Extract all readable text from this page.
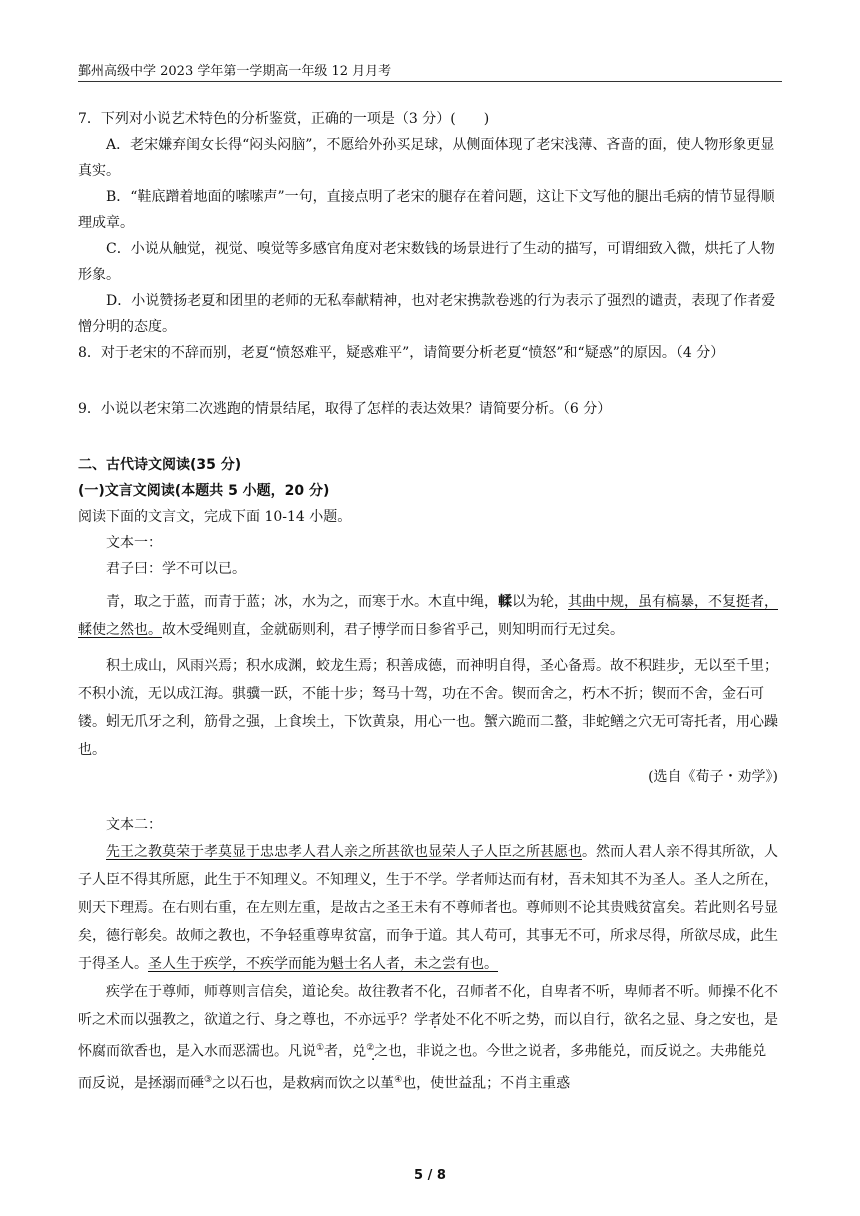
鄞州高级中学 2023 学年第一学期高一年级 12 月月考

7．下列对小说艺术特色的分析鉴赏，正确的一项是（3 分）(　　)

A．老宋嫌弃闺女长得“闷头闷脑”，不愿给外孙买足球，从侧面体现了老宋浅薄、吝啬的面，使人物形象更显真实。

B．“鞋底蹭着地面的嗦嗦声”一句，直接点明了老宋的腿存在着问题，这让下文写他的腿出毛病的情节显得顺理成章。

C．小说从触觉，视觉、嗅觉等多感官角度对老宋数钱的场景进行了生动的描写，可谓细致入微，烘托了人物形象。

D．小说赞扬老夏和团里的老师的无私奉献精神，也对老宋携款卷逃的行为表示了强烈的谴责，表现了作者爱憎分明的态度。

8．对于老宋的不辞而别，老夏“愤怒难平，疑惑难平”，请简要分析老夏“愤怒”和“疑惑”的原因。（4 分）

9．小说以老宋第二次逃跑的情景结尾，取得了怎样的表达效果？请简要分析。（6 分）

二、古代诗文阅读(35 分)

(一)文言文阅读(本题共 5 小题，20 分)

阅读下面的文言文，完成下面 10-14 小题。

文本一：

君子曰：学不可以已。

青，取之于蓝，而青于蓝；冰，水为之，而寒于水。木直中绳，輮以为轮，其曲中规，虽有槁暴，不复挺者，輮使之然也。故木受绳则直，金就砺则利，君子博学而日参省乎己，则知明而行无过矣。

积土成山，风雨兴焉；积水成渊，蛟龙生焉；积善成德，而神明自得，圣心备焉。故不积跬步，无以至千里；不积小流，无以成江海。骐骥一跃，不能十步；驽马十驾，功在不舍。锲而舍之，朽木不折；锲而不舍，金石可镂。蚓无爪牙之利，筋骨之强，上食埃土，下饮黄泉，用心一也。蟹六跪而二螯，非蛇鳝之穴无可寄托者，用心躁也。

(选自《荀子・劝学》)

文本二：

先王之教莫荣于孝莫显于忠忠孝人君人亲之所甚欲也显荣人子人臣之所甚愿也。然而人君人亲不得其所欲，人子人臣不得其所愿，此生于不知理义。不知理义，生于不学。学者师达而有材，吾未知其不为圣人。圣人之所在，则天下理焉。在右则右重，在左则左重，是故古之圣王未有不尊师者也。尊师则不论其贵贱贫富矣。若此则名号显矣，德行彰矣。故师之教也，不争轻重尊卑贫富，而争于道。其人苟可，其事无不可，所求尽得，所欲尽成，此生于得圣人。圣人生于疾学，不疾学而能为魁士名人者，未之尝有也。

疾学在于尊师，师尊则言信矣，道论矣。故往教者不化，召师者不化，自卑者不听，卑师者不听。师操不化不听之术而以强教之，欲道之行、身之尊也，不亦远乎？学者处不化不听之势，而以自行，欲名之显、身之安也，是怀腐而欲香也，是入水而恶濡也。凡说①者，兑②之也，非说之也。今世之说者，多弗能兑，而反说之。夫弗能兑而反说，是拯溺而硾③之以石也，是救病而饮之以堇④也，使世益乱；不肖主重惑

5 / 8
